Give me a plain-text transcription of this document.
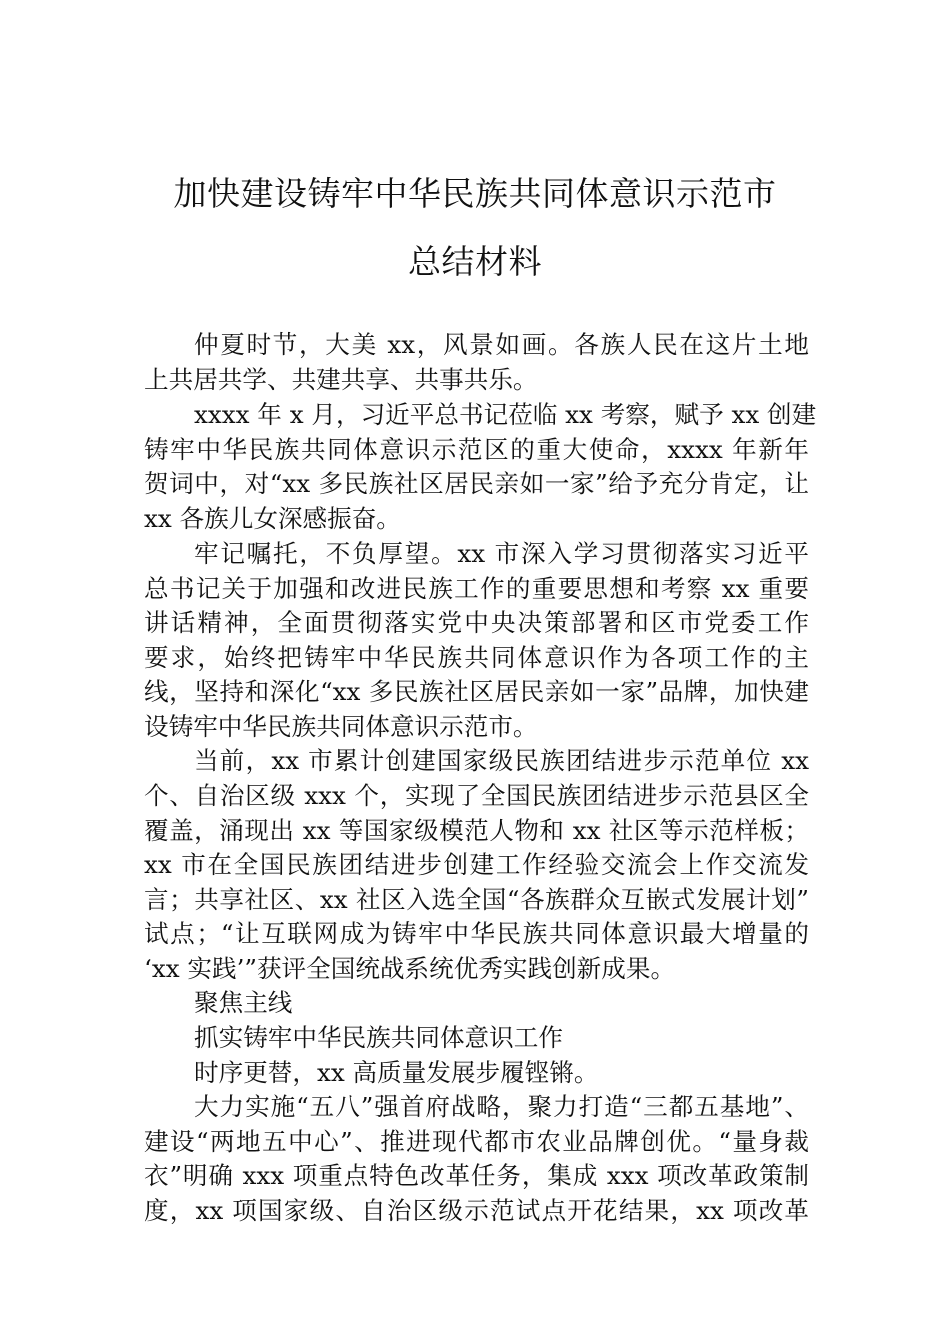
加快建设铸牢中华民族共同体意识示范市
总结材料
仲夏时节，大美 xx，风景如画。各族人民在这片土地
上共居共学、共建共享、共事共乐。
xxxx 年 x 月，习近平总书记莅临 xx 考察，赋予 xx 创建
铸牢中华民族共同体意识示范区的重大使命，xxxx 年新年
贺词中，对“xx 多民族社区居民亲如一家”给予充分肯定，让
xx 各族儿女深感振奋。
牢记嘱托，不负厚望。xx 市深入学习贯彻落实习近平
总书记关于加强和改进民族工作的重要思想和考察 xx 重要
讲话精神，全面贯彻落实党中央决策部署和区市党委工作
要求，始终把铸牢中华民族共同体意识作为各项工作的主
线，坚持和深化“xx 多民族社区居民亲如一家”品牌，加快建
设铸牢中华民族共同体意识示范市。
当前，xx 市累计创建国家级民族团结进步示范单位 xx
个、自治区级 xxx 个，实现了全国民族团结进步示范县区全
覆盖，涌现出 xx 等国家级模范人物和 xx 社区等示范样板；
xx 市在全国民族团结进步创建工作经验交流会上作交流发
言；共享社区、xx 社区入选全国“各族群众互嵌式发展计划”
试点；“让互联网成为铸牢中华民族共同体意识最大增量的
‘xx 实践’”获评全国统战系统优秀实践创新成果。
聚焦主线
抓实铸牢中华民族共同体意识工作
时序更替，xx 高质量发展步履铿锵。
大力实施“五八”强首府战略，聚力打造“三都五基地”、
建设“两地五中心”、推进现代都市农业品牌创优。“量身裁
衣”明确 xxx 项重点特色改革任务，集成 xxx 项改革政策制
度，xx 项国家级、自治区级示范试点开花结果，xx 项改革
